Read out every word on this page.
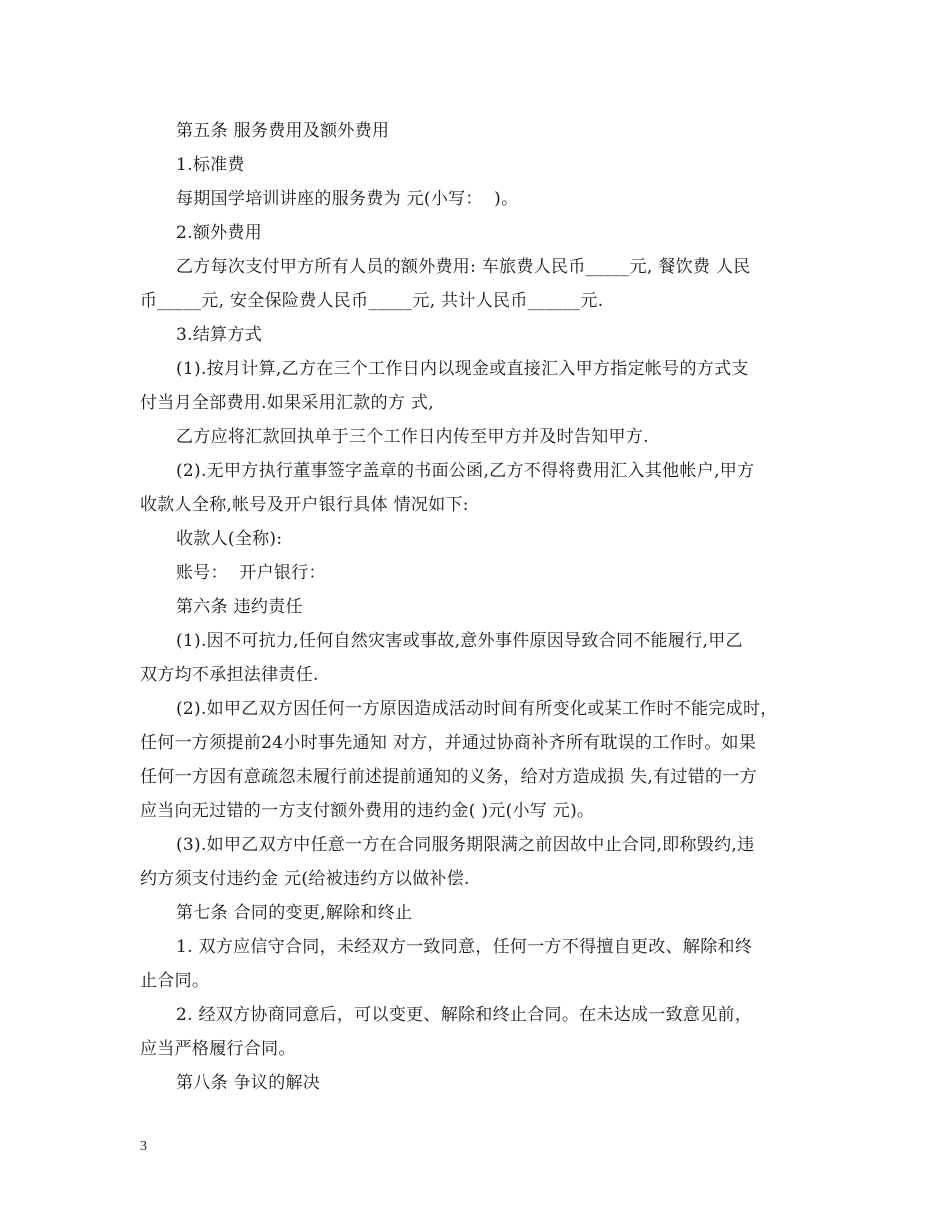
第五条 服务费用及额外费用
1.标准费
每期国学培训讲座的服务费为 元(小写：  )。
2.额外费用
乙方每次支付甲方所有人员的额外费用: 车旅费人民币_____元, 餐饮费 人民
币_____元, 安全保险费人民币_____元, 共计人民币______元.
3.结算方式
(1).按月计算,乙方在三个工作日内以现金或直接汇入甲方指定帐号的方式支
付当月全部费用.如果采用汇款的方 式,
乙方应将汇款回执单于三个工作日内传至甲方并及时告知甲方.
(2).无甲方执行董事签字盖章的书面公函,乙方不得将费用汇入其他帐户,甲方
收款人全称,帐号及开户银行具体 情况如下:
收款人(全称):
账号：  开户银行：
第六条 违约责任
(1).因不可抗力,任何自然灾害或事故,意外事件原因导致合同不能履行,甲乙
双方均不承担法律责任.
(2).如甲乙双方因任何一方原因造成活动时间有所变化或某工作时不能完成时，
任何一方须提前24小时事先通知 对方，并通过协商补齐所有耽误的工作时。如果
任何一方因有意疏忽未履行前述提前通知的义务，给对方造成损 失,有过错的一方
应当向无过错的一方支付额外费用的违约金( )元(小写 元)。
(3).如甲乙双方中任意一方在合同服务期限满之前因故中止合同,即称毁约,违
约方须支付违约金 元(给被违约方以做补偿.
第七条 合同的变更,解除和终止
1. 双方应信守合同，未经双方一致同意，任何一方不得擅自更改、解除和终
止合同。
2. 经双方协商同意后，可以变更、解除和终止合同。在未达成一致意见前，
应当严格履行合同。
第八条 争议的解决
3
